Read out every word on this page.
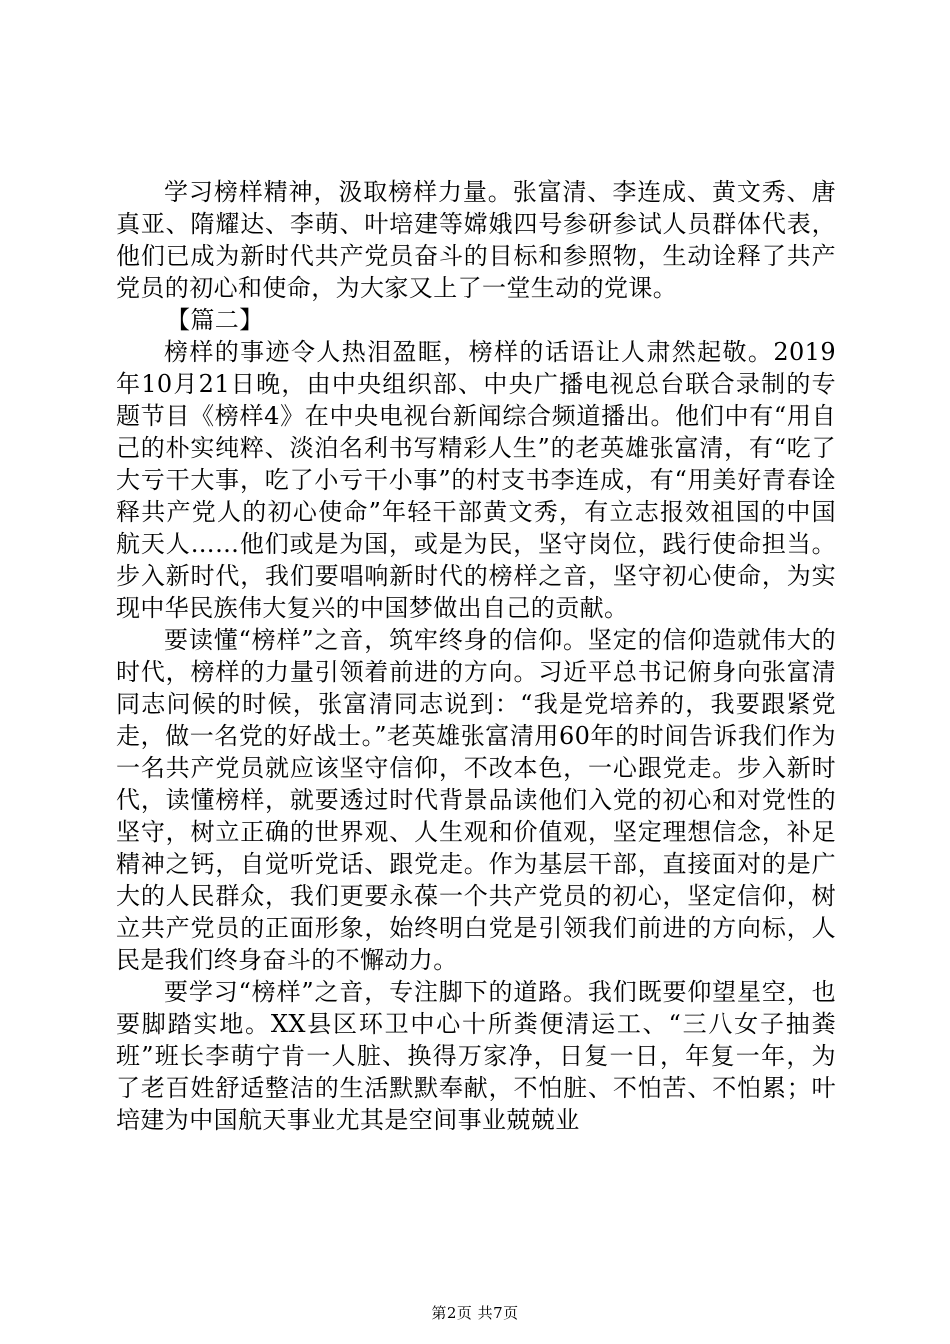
学习榜样精神，汲取榜样力量。张富清、李连成、黄文秀、唐真亚、隋耀达、李萌、叶培建等嫦娥四号参研参试人员群体代表，他们已成为新时代共产党员奋斗的目标和参照物，生动诠释了共产党员的初心和使命，为大家又上了一堂生动的党课。

【篇二】

榜样的事迹令人热泪盈眶，榜样的话语让人肃然起敬。2019年10月21日晚，由中央组织部、中央广播电视总台联合录制的专题节目《榜样4》在中央电视台新闻综合频道播出。他们中有“用自己的朴实纯粹、淡泊名利书写精彩人生”的老英雄张富清，有“吃了大亏干大事，吃了小亏干小事”的村支书李连成，有“用美好青春诠释共产党人的初心使命”年轻干部黄文秀，有立志报效祖国的中国航天人……他们或是为国，或是为民，坚守岗位，践行使命担当。步入新时代，我们要唱响新时代的榜样之音，坚守初心使命，为实现中华民族伟大复兴的中国梦做出自己的贡献。

要读懂“榜样”之音，筑牢终身的信仰。坚定的信仰造就伟大的时代，榜样的力量引领着前进的方向。习近平总书记俯身向张富清同志问候的时候，张富清同志说到：“我是党培养的，我要跟紧党走，做一名党的好战士。”老英雄张富清用60年的时间告诉我们作为一名共产党员就应该坚守信仰，不改本色，一心跟党走。步入新时代，读懂榜样，就要透过时代背景品读他们入党的初心和对党性的坚守，树立正确的世界观、人生观和价值观，坚定理想信念，补足精神之钙，自觉听党话、跟党走。作为基层干部，直接面对的是广大的人民群众，我们更要永葆一个共产党员的初心，坚定信仰，树立共产党员的正面形象，始终明白党是引领我们前进的方向标，人民是我们终身奋斗的不懈动力。

要学习“榜样”之音，专注脚下的道路。我们既要仰望星空，也要脚踏实地。XX县区环卫中心十所粪便清运工、“三八女子抽粪班”班长李萌宁肯一人脏、换得万家净，日复一日，年复一年，为了老百姓舒适整洁的生活默默奉献，不怕脏、不怕苦、不怕累；叶培建为中国航天事业尤其是空间事业兢兢业

第2页 共7页
